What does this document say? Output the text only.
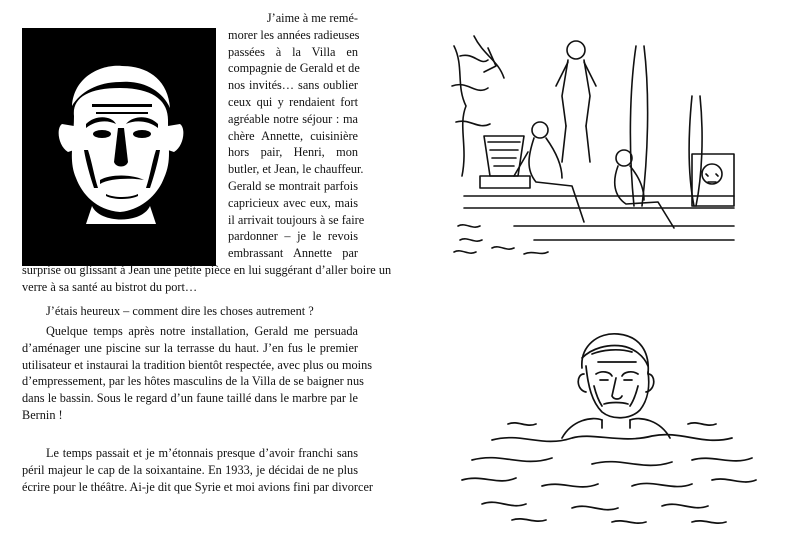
J’aime à me remé-
morer les années radieuses
passées à la Villa en
compagnie de Gerald et de
nos invités… sans oublier
ceux qui y rendaient fort
agréable notre séjour : ma
chère Annette, cuisinière
hors pair, Henri, mon
butler, et Jean, le chauffeur.
Gerald se montrait parfois
capricieux avec eux, mais
il arrivait toujours à se faire
pardonner – je le revois
embrassant Annette par
surprise ou glissant à Jean une petite pièce en lui suggérant d’aller boire un
verre à sa santé au bistrot du port…
J’étais heureux – comment dire les choses autrement ?
Quelque temps après notre installation, Gerald me persuada
d’aménager une piscine sur la terrasse du haut. J’en fus le premier
utilisateur et instaurai la tradition bientôt respectée, avec plus ou moins
d’empressement, par les hôtes masculins de la Villa de se baigner nus
dans le bassin. Sous le regard d’un faune taillé dans le marbre par le
Bernin !
Le temps passait et je m’étonnais presque d’avoir franchi sans
péril majeur le cap de la soixantaine. En 1933, je décidai de ne plus
écrire pour le théâtre. Ai-je dit que Syrie et moi avions fini par divorcer
